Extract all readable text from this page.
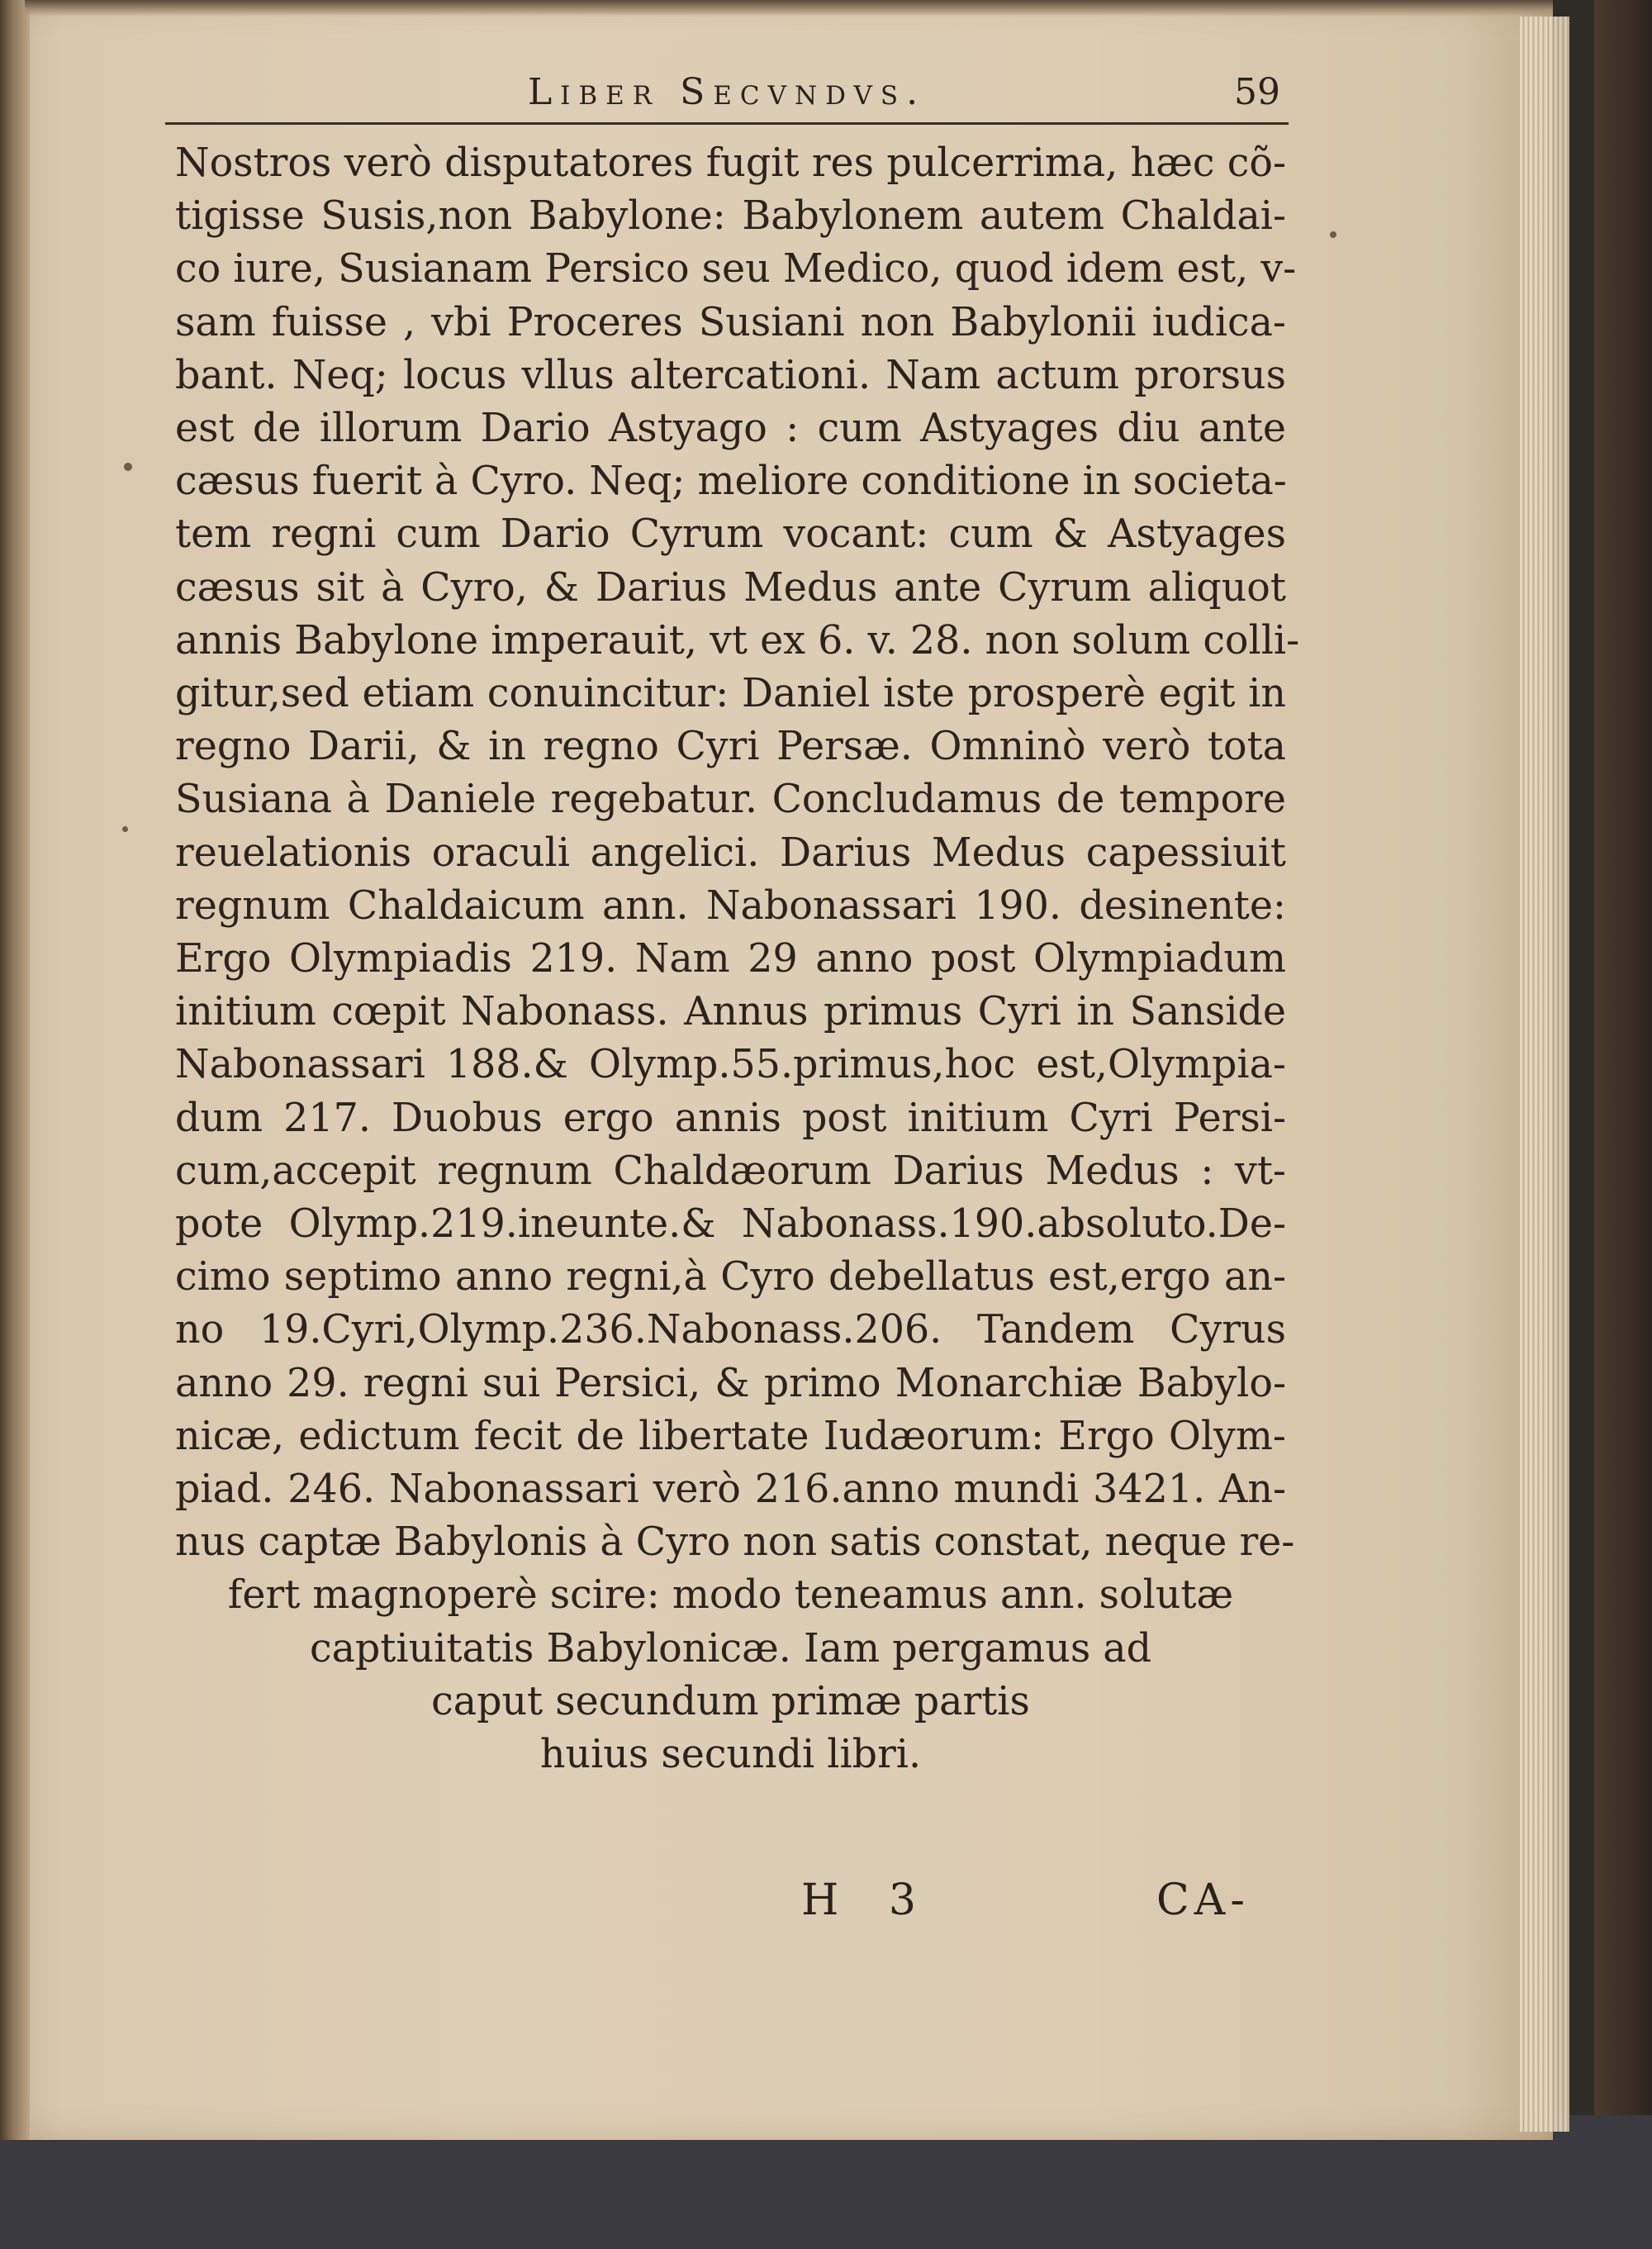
Liber Secvndvs.	59
Nostros verò disputatores fugit res pulcerrima, hæc cõ-
tigisse Susis,non Babylone: Babylonem autem Chaldai-
co iure, Susianam Persico seu Medico, quod idem est, v-
sam fuisse , vbi Proceres Susiani non Babylonii iudica-
bant. Neq; locus vllus altercationi. Nam actum prorsus
est de illorum Dario Astyago : cum Astyages diu ante
cæsus fuerit à Cyro. Neq; meliore conditione in societa-
tem regni cum Dario Cyrum vocant: cum & Astyages
cæsus sit à Cyro, & Darius Medus ante Cyrum aliquot
annis Babylone imperauit, vt ex 6. v. 28. non solum colli-
gitur,sed etiam conuincitur: Daniel iste prosperè egit in
regno Darii, & in regno Cyri Persæ. Omninò verò tota
Susiana à Daniele regebatur. Concludamus de tempore
reuelationis oraculi angelici. Darius Medus capessiuit
regnum Chaldaicum ann. Nabonassari 190. desinente:
Ergo Olympiadis 219. Nam 29 anno post Olympiadum
initium cœpit Nabonass. Annus primus Cyri in Sanside
Nabonassari 188.& Olymp.55.primus,hoc est,Olympia-
dum 217. Duobus ergo annis post initium Cyri Persi-
cum,accepit regnum Chaldæorum Darius Medus : vt-
pote Olymp.219.ineunte.& Nabonass.190.absoluto.De-
cimo septimo anno regni,à Cyro debellatus est,ergo an-
no 19.Cyri,Olymp.236.Nabonass.206. Tandem Cyrus
anno 29. regni sui Persici, & primo Monarchiæ Babylo-
nicæ, edictum fecit de libertate Iudæorum: Ergo Olym-
piad. 246. Nabonassari verò 216.anno mundi 3421. An-
nus captæ Babylonis à Cyro non satis constat, neque re-
fert magnoperè scire: modo teneamus ann. solutæ
captiuitatis Babylonicæ. Iam pergamus ad
caput secundum primæ partis
huius secundi libri.
H 3	CA-
